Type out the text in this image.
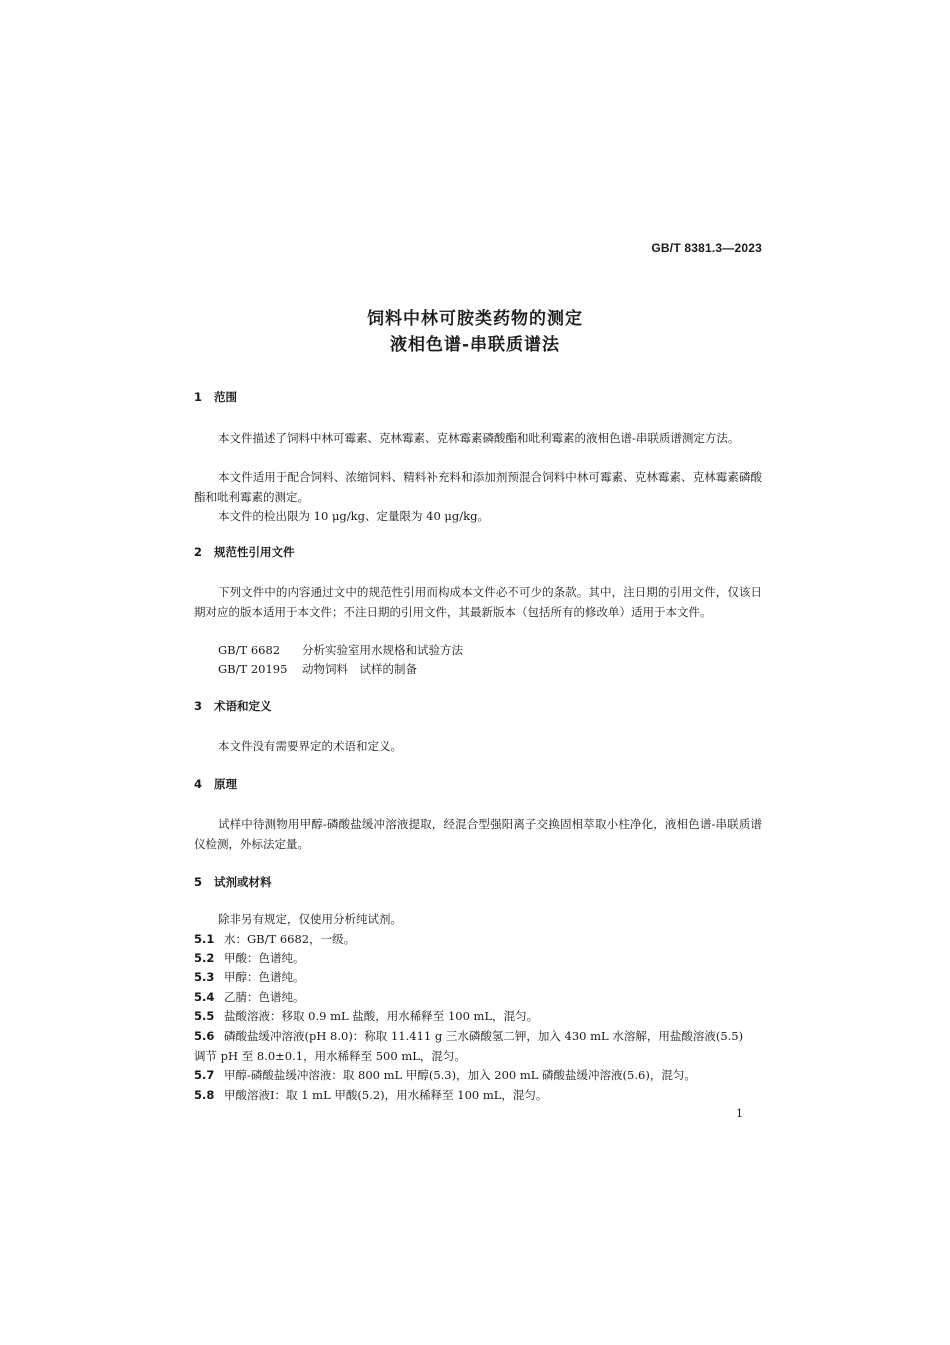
GB/T 8381.3—2023
饲料中林可胺类药物的测定
液相色谱-串联质谱法
1 范围
本文件描述了饲料中林可霉素、克林霉素、克林霉素磷酸酯和吡利霉素的液相色谱-串联质谱测定方法。
本文件适用于配合饲料、浓缩饲料、精料补充料和添加剂预混合饲料中林可霉素、克林霉素、克林霉素磷酸酯和吡利霉素的测定。
本文件的检出限为 10 μg/kg、定量限为 40 μg/kg。
2 规范性引用文件
下列文件中的内容通过文中的规范性引用而构成本文件必不可少的条款。其中，注日期的引用文件，仅该日期对应的版本适用于本文件；不注日期的引用文件，其最新版本（包括所有的修改单）适用于本文件。
GB/T 6682 分析实验室用水规格和试验方法
GB/T 20195 动物饲料　试样的制备
3 术语和定义
本文件没有需要界定的术语和定义。
4 原理
试样中待测物用甲醇-磷酸盐缓冲溶液提取，经混合型强阳离子交换固相萃取小柱净化，液相色谱-串联质谱仪检测，外标法定量。
5 试剂或材料
除非另有规定，仅使用分析纯试剂。
5.1 水：GB/T 6682，一级。
5.2 甲酸：色谱纯。
5.3 甲醇：色谱纯。
5.4 乙腈：色谱纯。
5.5 盐酸溶液：移取 0.9 mL 盐酸，用水稀释至 100 mL，混匀。
5.6 磷酸盐缓冲溶液(pH 8.0)：称取 11.411 g 三水磷酸氢二钾，加入 430 mL 水溶解，用盐酸溶液(5.5)
调节 pH 至 8.0±0.1，用水稀释至 500 mL，混匀。
5.7 甲醇-磷酸盐缓冲溶液：取 800 mL 甲醇(5.3)，加入 200 mL 磷酸盐缓冲溶液(5.6)，混匀。
5.8 甲酸溶液Ⅰ：取 1 mL 甲酸(5.2)，用水稀释至 100 mL，混匀。
1
